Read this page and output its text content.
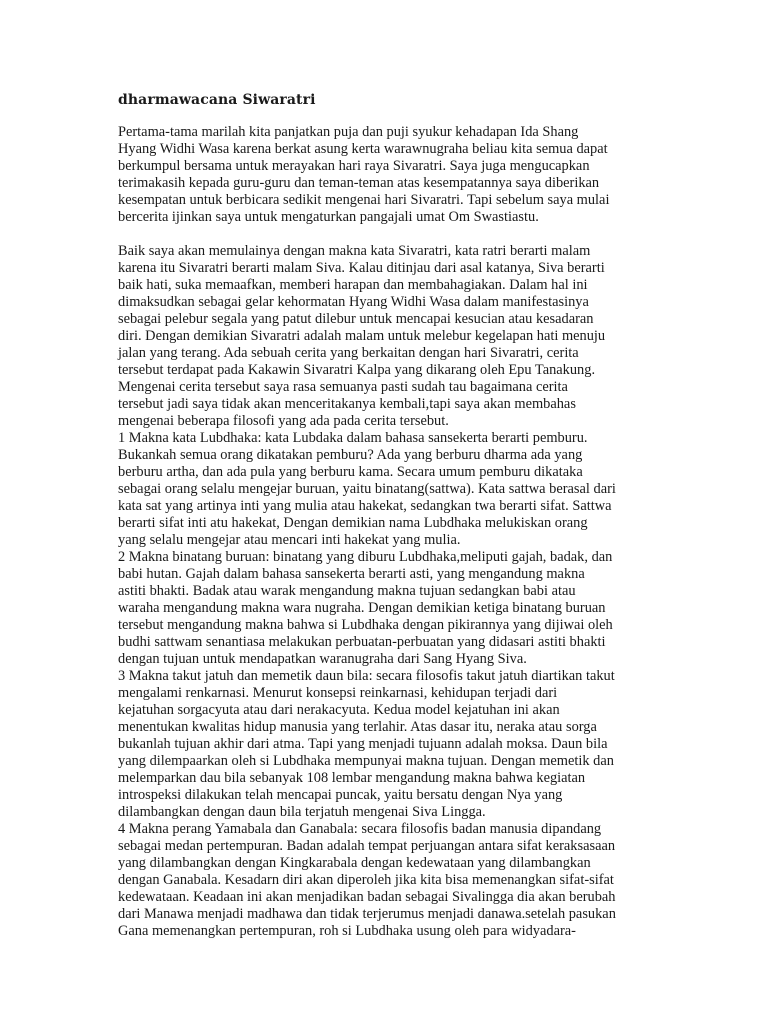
dharmawacana Siwaratri
Pertama-tama marilah kita panjatkan puja dan puji syukur kehadapan Ida Shang
Hyang Widhi Wasa karena berkat asung kerta warawnugraha beliau kita semua dapat
berkumpul bersama untuk merayakan hari raya Sivaratri. Saya juga mengucapkan
terimakasih kepada guru-guru dan teman-teman atas kesempatannya saya diberikan
kesempatan untuk berbicara sedikit mengenai hari Sivaratri. Tapi sebelum saya mulai
bercerita ijinkan saya untuk mengaturkan pangajali umat Om Swastiastu.
Baik saya akan memulainya dengan makna kata Sivaratri, kata ratri berarti malam
karena itu Sivaratri berarti malam Siva. Kalau ditinjau dari asal katanya, Siva berarti
baik hati, suka memaafkan, memberi harapan dan membahagiakan. Dalam hal ini
dimaksudkan sebagai gelar kehormatan Hyang Widhi Wasa dalam manifestasinya
sebagai pelebur segala yang patut dilebur untuk mencapai kesucian atau kesadaran
diri. Dengan demikian Sivaratri adalah malam untuk melebur kegelapan hati menuju
jalan yang terang. Ada sebuah cerita yang berkaitan dengan hari Sivaratri, cerita
tersebut terdapat pada Kakawin Sivaratri Kalpa yang dikarang oleh Epu Tanakung.
Mengenai cerita tersebut saya rasa semuanya pasti sudah tau bagaimana cerita
tersebut jadi saya tidak akan menceritakanya kembali,tapi saya akan membahas
mengenai beberapa filosofi yang ada pada cerita tersebut.
1 Makna kata Lubdhaka: kata Lubdaka dalam bahasa sansekerta berarti pemburu.
Bukankah semua orang dikatakan pemburu? Ada yang berburu dharma ada yang
berburu artha, dan ada pula yang berburu kama. Secara umum pemburu dikataka
sebagai orang selalu mengejar buruan, yaitu binatang(sattwa). Kata sattwa berasal dari
kata sat yang artinya inti yang mulia atau hakekat, sedangkan twa berarti sifat. Sattwa
berarti sifat inti atu hakekat, Dengan demikian nama Lubdhaka melukiskan orang
yang selalu mengejar atau mencari inti hakekat yang mulia.
2 Makna binatang buruan: binatang yang diburu Lubdhaka,meliputi gajah, badak, dan
babi hutan. Gajah dalam bahasa sansekerta berarti asti, yang mengandung makna
astiti bhakti. Badak atau warak mengandung makna tujuan sedangkan babi atau
waraha mengandung makna wara nugraha. Dengan demikian ketiga binatang buruan
tersebut mengandung makna bahwa si Lubdhaka dengan pikirannya yang dijiwai oleh
budhi sattwam senantiasa melakukan perbuatan-perbuatan yang didasari astiti bhakti
dengan tujuan untuk mendapatkan waranugraha dari Sang Hyang Siva.
3 Makna takut jatuh dan memetik daun bila: secara filosofis takut jatuh diartikan takut
mengalami renkarnasi. Menurut konsepsi reinkarnasi, kehidupan terjadi dari
kejatuhan sorgacyuta atau dari nerakacyuta. Kedua model kejatuhan ini akan
menentukan kwalitas hidup manusia yang terlahir. Atas dasar itu, neraka atau sorga
bukanlah tujuan akhir dari atma. Tapi yang menjadi tujuann adalah moksa. Daun bila
yang dilempaarkan oleh si Lubdhaka mempunyai makna tujuan. Dengan memetik dan
melemparkan dau bila sebanyak 108 lembar mengandung makna bahwa kegiatan
introspeksi dilakukan telah mencapai puncak, yaitu bersatu dengan Nya yang
dilambangkan dengan daun bila terjatuh mengenai Siva Lingga.
4 Makna perang Yamabala dan Ganabala: secara filosofis badan manusia dipandang
sebagai medan pertempuran. Badan adalah tempat perjuangan antara sifat keraksasaan
yang dilambangkan dengan Kingkarabala dengan kedewataan yang dilambangkan
dengan Ganabala. Kesadarn diri akan diperoleh jika kita bisa memenangkan sifat-sifat
kedewataan. Keadaan ini akan menjadikan badan sebagai Sivalingga dia akan berubah
dari Manawa menjadi madhawa dan tidak terjerumus menjadi danawa.setelah pasukan
Gana memenangkan pertempuran, roh si Lubdhaka usung oleh para widyadara-
